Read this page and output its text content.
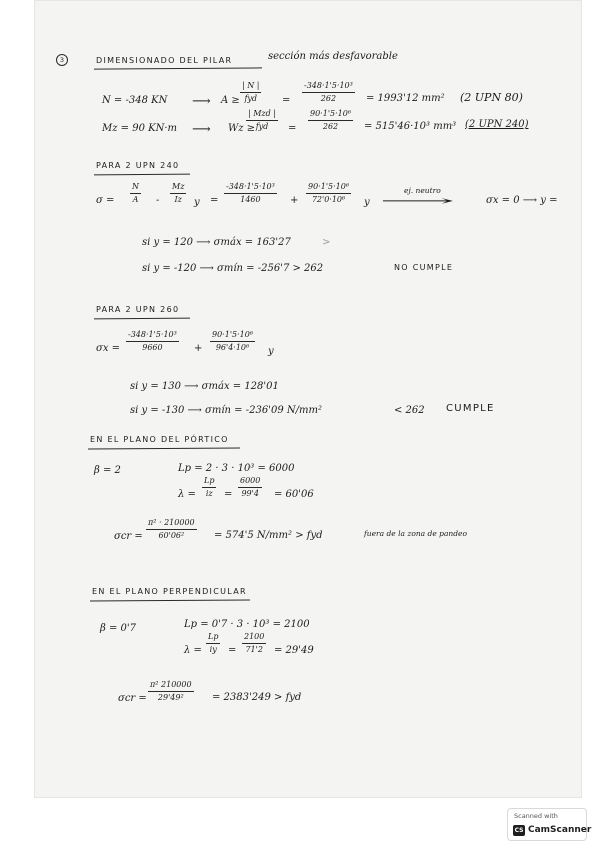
3	DIMENSIONADO DEL PILAR	sección más desfavorable
N = -348 KN ⟶ A ≥
| N |
fyd = $\frac{\text{-348·1'5·10³}}{262} = 1993'12$ mm² (2 UPN 80)
Mz = 90 KN·m ⟶ Wz ≥
| Mzd |
fyd = $\frac{\text{90·1'5·10⁶}}{262} = 515'46\cdot 10^3$ mm³ (2 UPN 240)
PARA 2 UPN 240
$\sigma = \frac{N}{A} - \frac{Mz}{Iz}$ $y = \frac{\text{-348·1'5·10³}}{1460} + \frac{\text{90·1'5·10⁶}}{\text{72'0·10⁶}}$ y
ej. neutro
⟶	σx = 0 ⟶ y =
si y = 120 ⟶ σmáx = 163'27	>
si y = -120 ⟶ σmín = -256'7 > 262	NO CUMPLE
PARA 2 UPN 260
$\sigma x = \frac{\text{-348·1'5·10³}}{9660} + \frac{\text{90·1'5·10⁶}}{\text{96'4·10⁶}}$ y
si y = 130 ⟶ σmáx = 128'01
si y = -130 ⟶ σmín = -236'09 N/mm²	< 262 CUMPLE
EN EL PLANO DEL PÓRTICO
β = 2	Lp = 2 · 3 · 10³ = 6000
$\lambda = \frac{Lp}{iz} = \frac{6000}{99'4} = 60'06$
$\sigma cr = \frac{\text{π² · 210000}}{\text{60'06²}} = 574'5$ N/mm² > fyd	fuera de la zona de pandeo
EN EL PLANO PERPENDICULAR
β = 0'7	Lp = 0'7 · 3 · 10³ = 2100
$\lambda = \frac{Lp}{iy} = \frac{2100}{71'2} = 29'49$
$\sigma cr = \frac{\text{π² 210000}}{\text{29'49²}} = 2383'249$ > fyd
Scanned with
CS CamScanner
